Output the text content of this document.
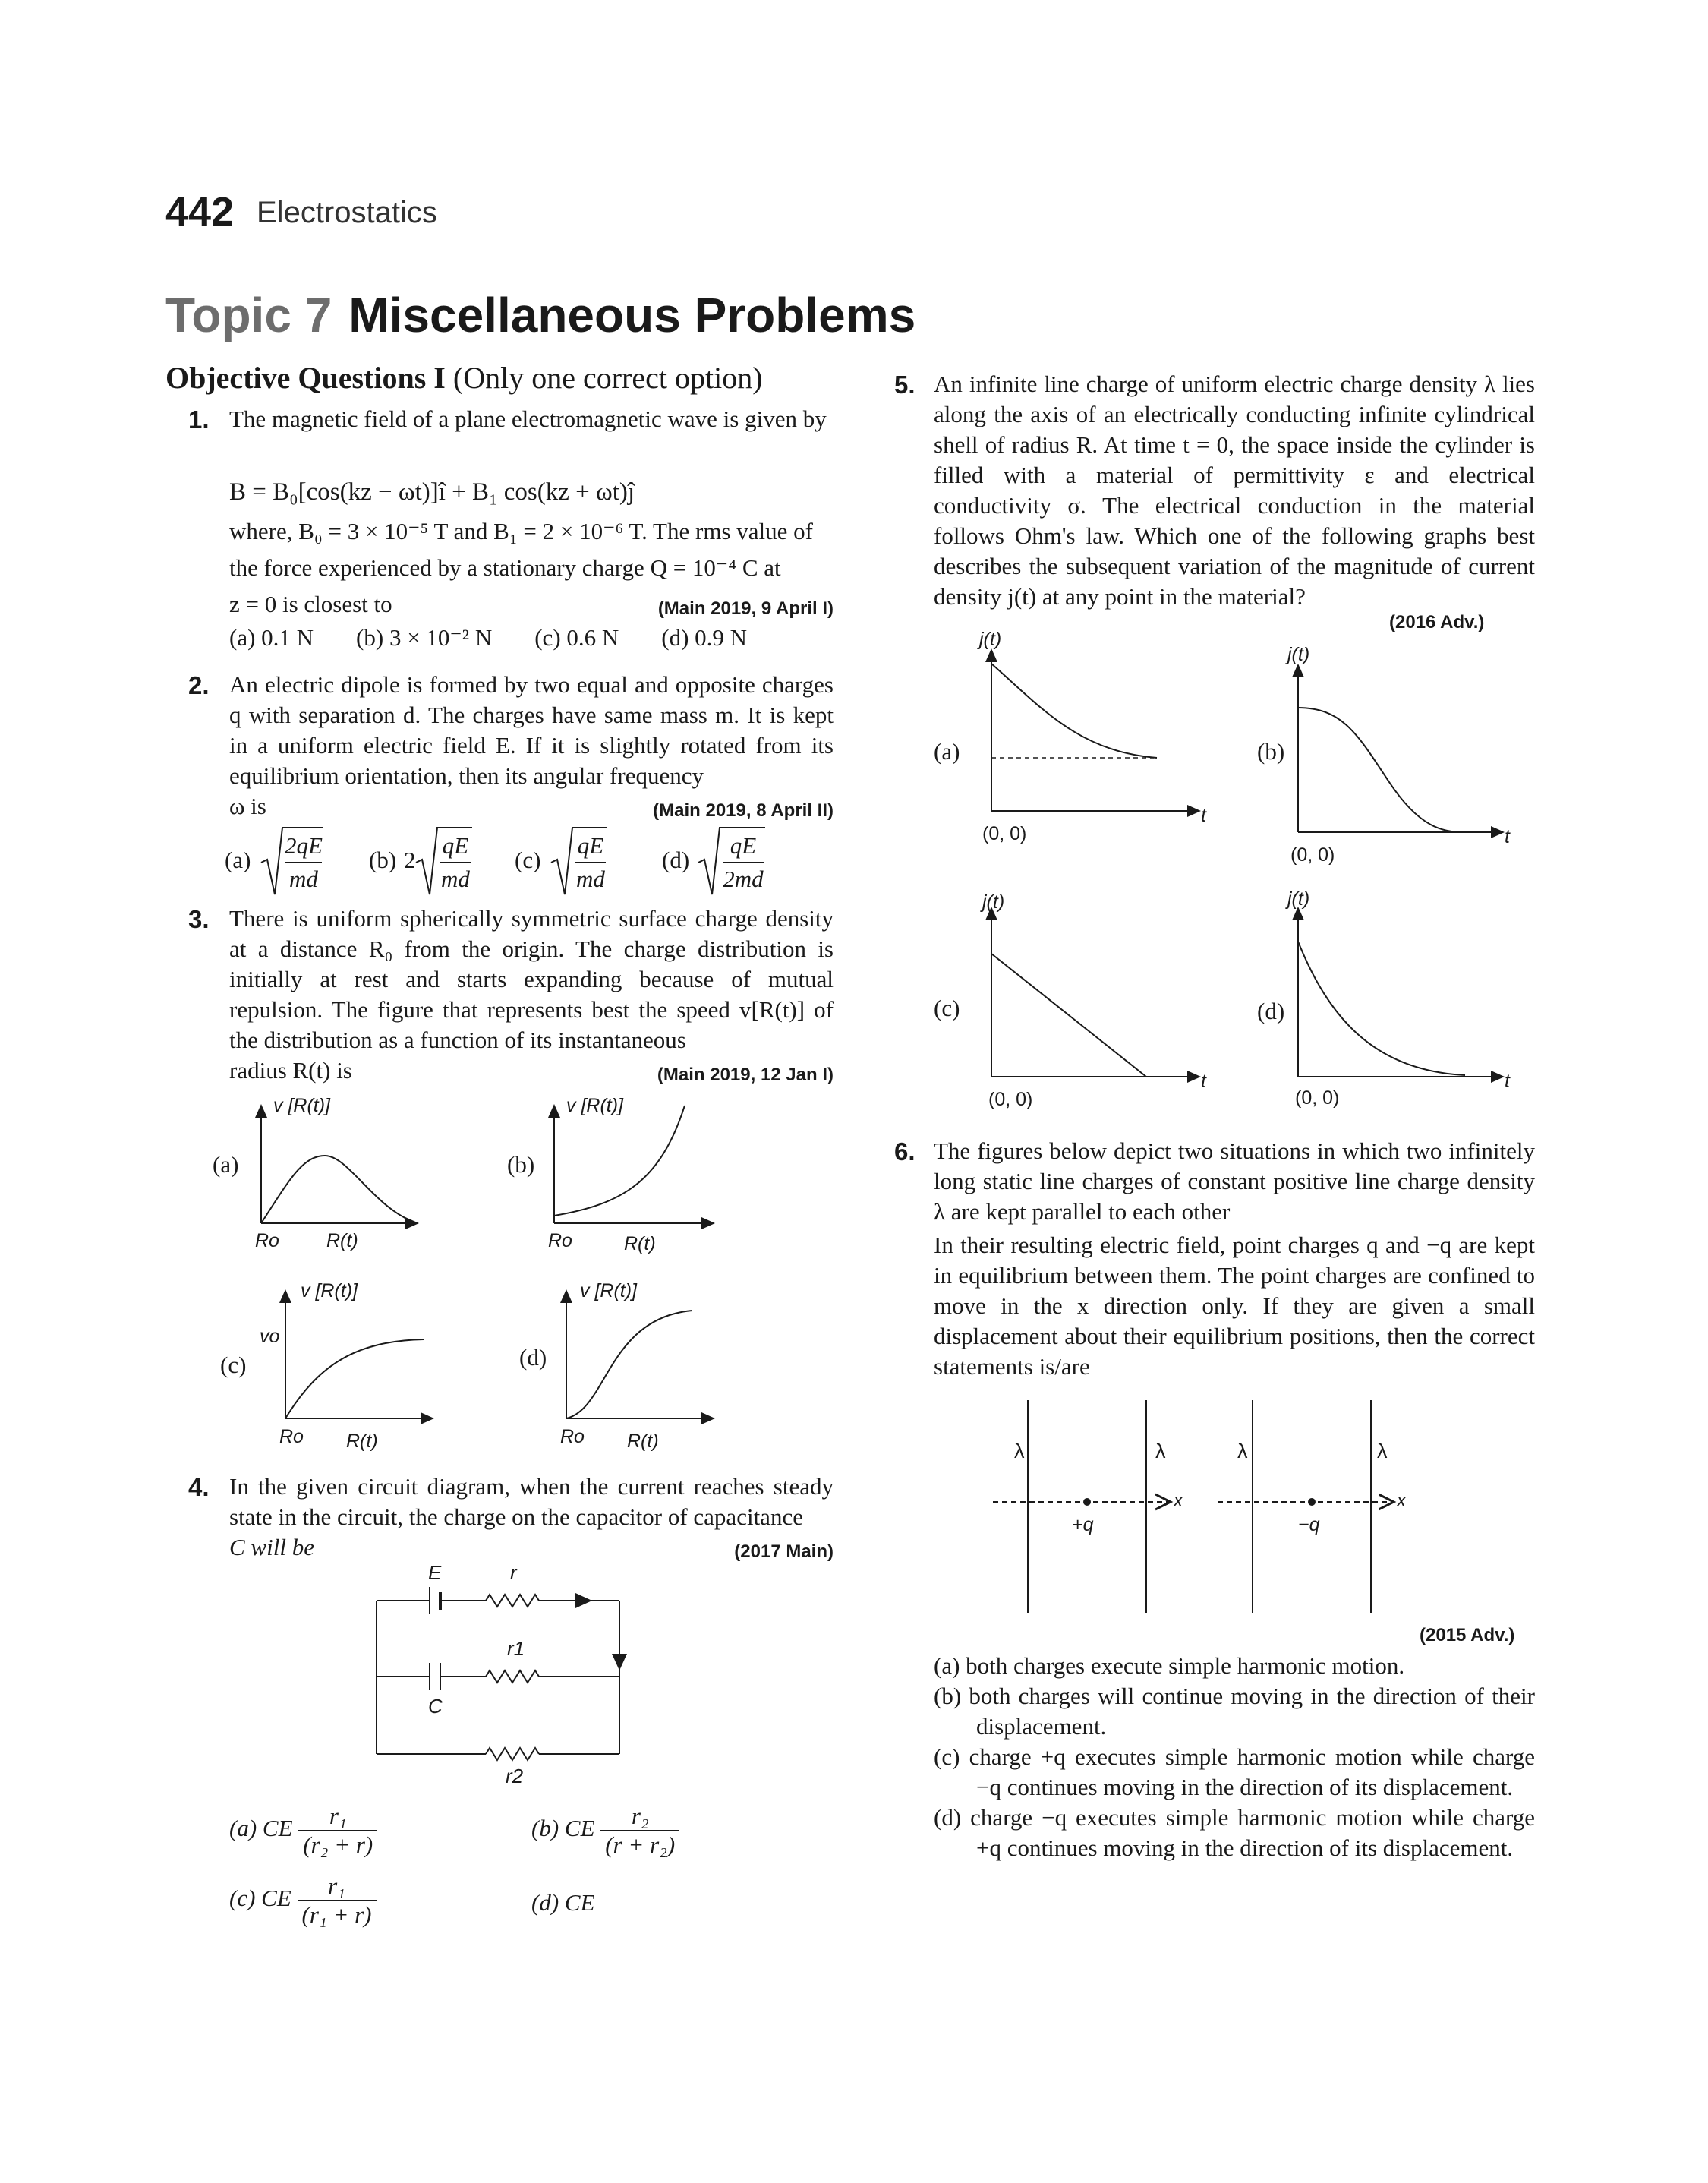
442 Electrostatics
Topic 7 Miscellaneous Problems
Objective Questions I (Only one correct option)
1. The magnetic field of a plane electromagnetic wave is given by
B = B₀[cos(kz − ωt)]î + B₁ cos(kz + ωt)ĵ
where, B₀ = 3 × 10⁻⁵ T and B₁ = 2 × 10⁻⁶ T. The rms value of
the force experienced by a stationary charge Q = 10⁻⁴ C at
z = 0 is closest to	(Main 2019, 9 April I)
(a) 0.1 N (b) 3 × 10⁻² N (c) 0.6 N (d) 0.9 N
2. An electric dipole is formed by two equal and opposite charges q with separation d. The charges have same mass m. It is kept in a uniform electric field E. If it is slightly rotated from its equilibrium orientation, then its angular frequency
ω is	(Main 2019, 8 April II)
(a)
2qE
md
(b) 2
qE
md
(c)
qE
md
(d)
qE
2md
3. There is uniform spherically symmetric surface charge density at a distance R₀ from the origin. The charge distribution is initially at rest and starts expanding because of mutual repulsion. The figure that represents best the speed v[R(t)] of the distribution as a function of its instantaneous
radius R(t) is	(Main 2019, 12 Jan I)
(a)
v [R(t)]
Ro R(t)
(b)
v [R(t)]
Ro	R(t)
(c)
v [R(t)]
vo
Ro R(t)
(d)
v [R(t)]
Ro R(t)
4. In the given circuit diagram, when the current reaches steady state in the circuit, the charge on the capacitor of capacitance
C will be	(2017 Main)
E	r
r1
C
r2
(a) CE $\frac{\text{r₁}}{\text{(r₂ + r)}}$	(b) CE $\frac{\text{r₂}}{\text{(r + r₂)}}$
(c) CE $\frac{\text{r₁}}{\text{(r₁ + r)}}$	(d) CE
5. An infinite line charge of uniform electric charge density λ lies along the axis of an electrically conducting infinite cylindrical shell of radius R. At time t = 0, the space inside the cylinder is filled with a material of permittivity ε and electrical conductivity σ. The electrical conduction in the material follows Ohm's law. Which one of the following graphs best describes the subsequent variation of the magnitude of current density j(t) at any point in the material?
(2016 Adv.)
(a)
j(t)
(0, 0)
t
(b)
j(t)
(0, 0)
t
(c)
j(t)
(0, 0)
t
(d)
j(t)
(0, 0)
t
6. The figures below depict two situations in which two infinitely long static line charges of constant positive line charge density λ are kept parallel to each other
In their resulting electric field, point charges q and −q are kept in equilibrium between them. The point charges are confined to move in the x direction only. If they are given a small displacement about their equilibrium positions, then the correct statements is/are
λ	λ	λ	λ
x	x
+q	−q
(2015 Adv.)
(a) both charges execute simple harmonic motion.
(b) both charges will continue moving in the direction of their displacement.
(c) charge +q executes simple harmonic motion while charge −q continues moving in the direction of its displacement.
(d) charge −q executes simple harmonic motion while charge +q continues moving in the direction of its displacement.
